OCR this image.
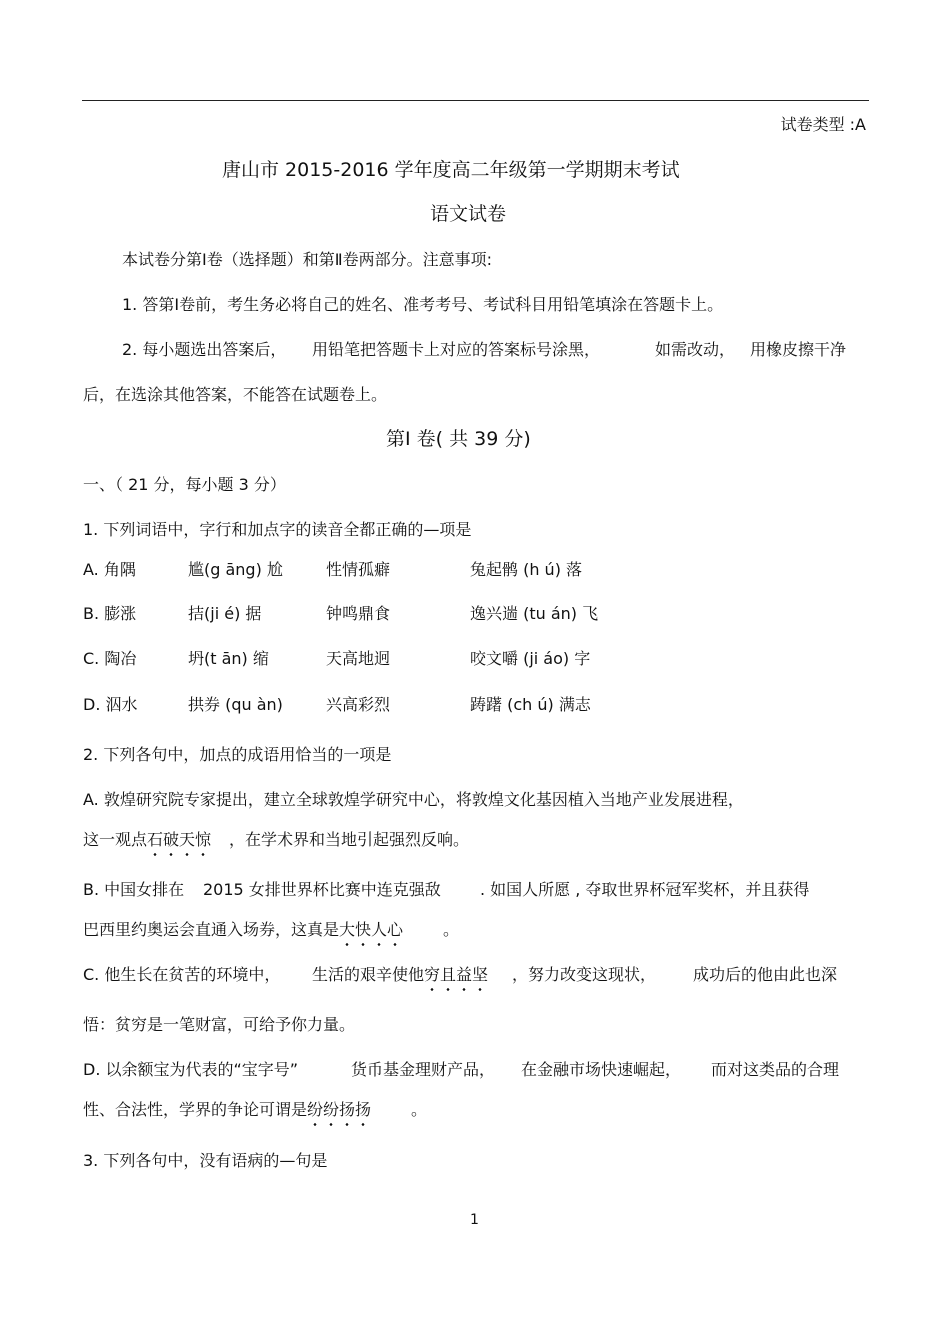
试卷类型 :A
唐山市 2015-2016 学年度高二年级第一学期期末考试
语文试卷
本试卷分第Ⅰ卷（选择题）和第Ⅱ卷两部分。注意事项:
1. 答第Ⅰ卷前，考生务必将自己的姓名、准考考号、考试科目用铅笔填涂在答题卡上。
2. 每小题选出答案后， 用铅笔把答题卡上对应的答案标号涂黑，	如需改动， 用橡皮擦干净
后，在选涂其他答案，不能答在试题卷上。
第Ⅰ 卷( 共 39 分)
一、（ 21 分，每小题 3 分）
1. 下列词语中，字行和加点字的读音全都正确的—项是
A. 角隅	尴(g āng) 尬	性情孤癖	兔起鹘 (h ú) 落
B. 膨涨	拮(ji é) 据	钟鸣鼎食	逸兴遄 (tu án) 飞
C. 陶冶	坍(t ān) 缩	天高地迥	咬文嚼 (ji áo) 字
D. 泅水	拱券 (qu àn)	兴高彩烈	踌躇 (ch ú) 满志
2. 下列各句中，加点的成语用恰当的一项是
A. 敦煌研究院专家提出，建立全球敦煌学研究中心，将敦煌文化基因植入当地产业发展进程，
这一观点石破天惊 ，在学术界和当地引起强烈反响。
B. 中国女排在 2015 女排世界杯比赛中连克强敌 . 如国人所愿 , 夺取世界杯冠军奖杯，并且获得
巴西里约奥运会直通入场券，这真是大快人心	。
C. 他生长在贫苦的环境中， 生活的艰辛使他穷且益坚 ，努力改变这现状， 成功后的他由此也深
悟：贫穷是一笔财富，可给予你力量。
D. 以余额宝为代表的“宝字号”	货币基金理财产品， 在金融市场快速崛起， 而对这类品的合理
性、合法性，学界的争论可谓是纷纷扬扬	。
3. 下列各句中，没有语病的—句是
1
